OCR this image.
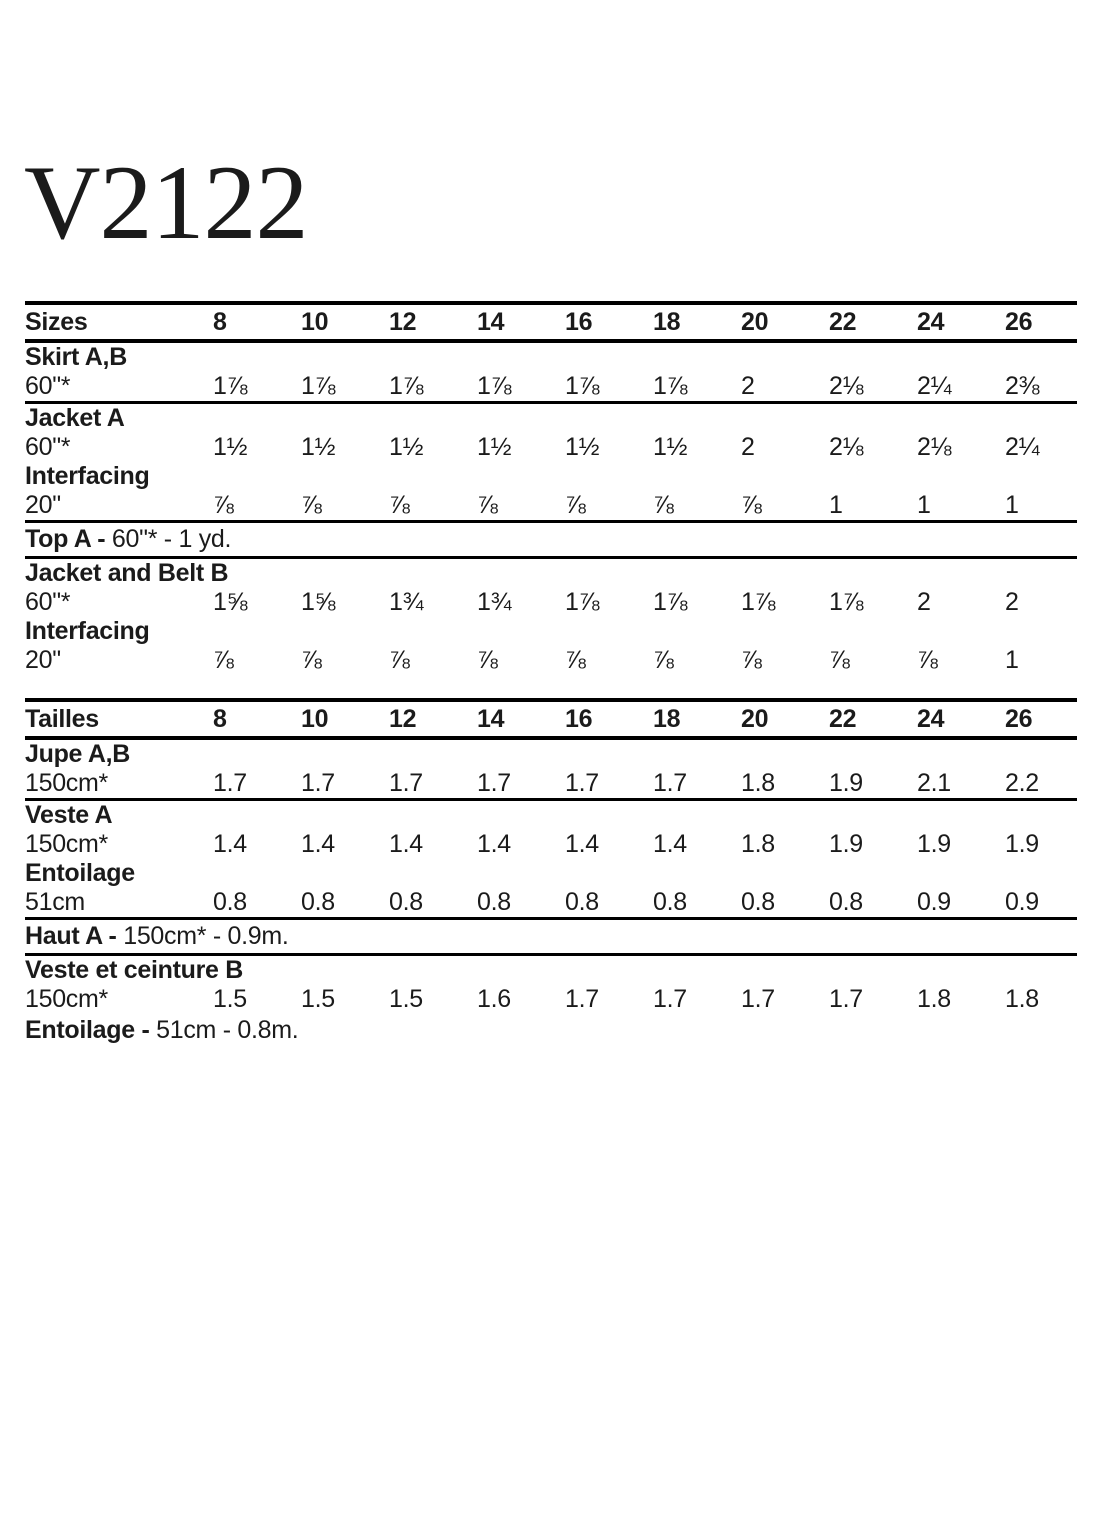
V2122
Sizes	8	10	12	14	16	18	20	22	24	26
Skirt A,B
60"*	1⅞	1⅞	1⅞	1⅞	1⅞	1⅞	2	2⅛	2¼	2⅜
Jacket A
60"*	1½	1½	1½	1½	1½	1½	2	2⅛	2⅛	2¼
Interfacing
20"	⅞	⅞	⅞	⅞	⅞	⅞	⅞	1	1	1
Top A - 60"* - 1 yd.
Jacket and Belt B
60"*	1⅝	1⅝	1¾	1¾	1⅞	1⅞	1⅞	1⅞	2	2
Interfacing
20"	⅞	⅞	⅞	⅞	⅞	⅞	⅞	⅞	⅞	1
Tailles	8	10	12	14	16	18	20	22	24	26
Jupe A,B
150cm*	1.7	1.7	1.7	1.7	1.7	1.7	1.8	1.9	2.1	2.2
Veste A
150cm*	1.4	1.4	1.4	1.4	1.4	1.4	1.8	1.9	1.9	1.9
Entoilage
51cm	0.8	0.8	0.8	0.8	0.8	0.8	0.8	0.8	0.9	0.9
Haut A - 150cm* - 0.9m.
Veste et ceinture B
150cm*	1.5	1.5	1.5	1.6	1.7	1.7	1.7	1.7	1.8	1.8
Entoilage - 51cm - 0.8m.
